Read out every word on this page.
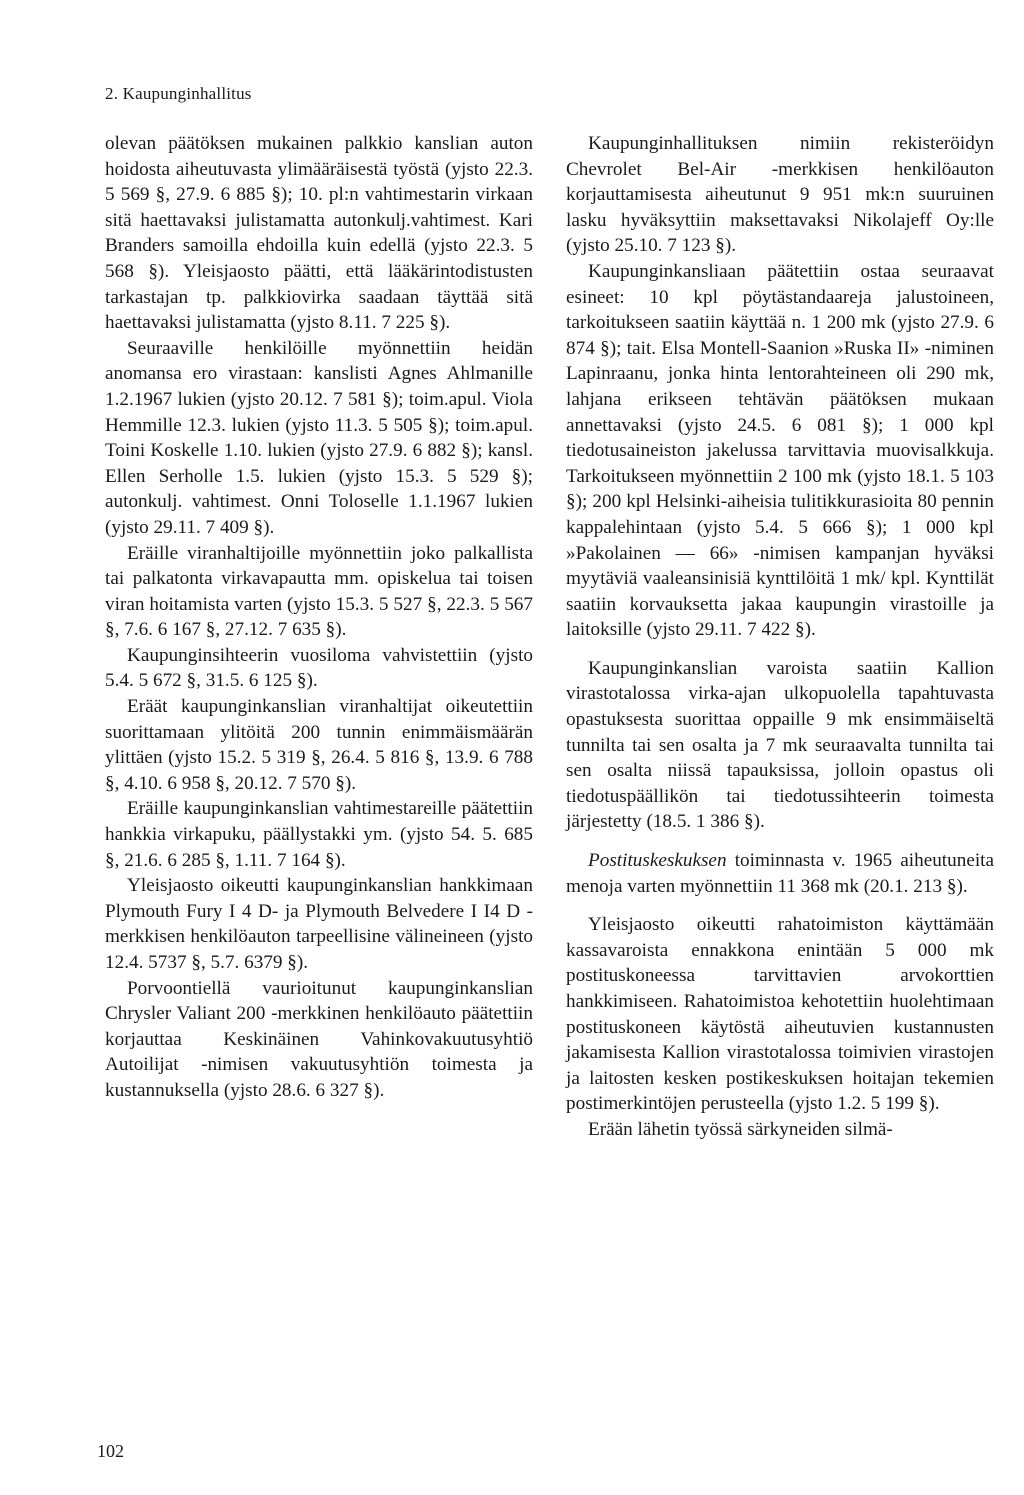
2. Kaupunginhallitus

olevan päätöksen mukainen palkkio kanslian auton hoidosta aiheutuvasta ylimääräisestä työstä (yjsto 22.3. 5 569 §, 27.9. 6 885 §); 10. pl:n vahtimestarin virkaan sitä haettavaksi julistamatta autonkulj.vahtimest. Kari Branders samoilla ehdoilla kuin edellä (yjsto 22.3. 5 568 §). Yleisjaosto päätti, että lääkärintodistusten tarkastajan tp. palkkiovirka saadaan täyttää sitä haettavaksi julistamatta (yjsto 8.11. 7 225 §).

Seuraaville henkilöille myönnettiin heidän anomansa ero virastaan: kanslisti Agnes Ahlmanille 1.2.1967 lukien (yjsto 20.12. 7 581 §); toim.apul. Viola Hemmille 12.3. lukien (yjsto 11.3. 5 505 §); toim.apul. Toini Koskelle 1.10. lukien (yjsto 27.9. 6 882 §); kansl. Ellen Serholle 1.5. lukien (yjsto 15.3. 5 529 §); autonkulj. vahtimest. Onni Toloselle 1.1.1967 lukien (yjsto 29.11. 7 409 §).

Eräille viranhaltijoille myönnettiin joko palkallista tai palkatonta virkavapautta mm. opiskelua tai toisen viran hoitamista varten (yjsto 15.3. 5 527 §, 22.3. 5 567 §, 7.6. 6 167 §, 27.12. 7 635 §).

Kaupunginsihteerin vuosiloma vahvistettiin (yjsto 5.4. 5 672 §, 31.5. 6 125 §).

Eräät kaupunginkanslian viranhaltijat oikeutettiin suorittamaan ylitöitä 200 tunnin enimmäismäärän ylittäen (yjsto 15.2. 5 319 §, 26.4. 5 816 §, 13.9. 6 788 §, 4.10. 6 958 §, 20.12. 7 570 §).

Eräille kaupunginkanslian vahtimestareille päätettiin hankkia virkapuku, päällystakki ym. (yjsto 54. 5. 685 §, 21.6. 6 285 §, 1.11. 7 164 §).

Yleisjaosto oikeutti kaupunginkanslian hankkimaan Plymouth Fury I 4 D- ja Plymouth Belvedere I I4 D -merkkisen henkilöauton tarpeellisine välineineen (yjsto 12.4. 5737 §, 5.7. 6379 §).

Porvoontiellä vaurioitunut kaupunginkanslian Chrysler Valiant 200 -merkkinen henkilöauto päätettiin korjauttaa Keskinäinen Vahinkovakuutusyhtiö Autoilijat -nimisen vakuutusyhtiön toimesta ja kustannuksella (yjsto 28.6. 6 327 §).

Kaupunginhallituksen nimiin rekisteröidyn Chevrolet Bel-Air -merkkisen henkilöauton korjauttamisesta aiheutunut 9 951 mk:n suuruinen lasku hyväksyttiin maksettavaksi Nikolajeff Oy:lle (yjsto 25.10. 7 123 §).

Kaupunginkansliaan päätettiin ostaa seuraavat esineet: 10 kpl pöytästandaareja jalustoineen, tarkoitukseen saatiin käyttää n. 1 200 mk (yjsto 27.9. 6 874 §); tait. Elsa Montell-Saanion »Ruska II» -niminen Lapinraanu, jonka hinta lentorahteineen oli 290 mk, lahjana erikseen tehtävän päätöksen mukaan annettavaksi (yjsto 24.5. 6 081 §); 1 000 kpl tiedotusaineiston jakelussa tarvittavia muovisalkkuja. Tarkoitukseen myönnettiin 2 100 mk (yjsto 18.1. 5 103 §); 200 kpl Helsinki-aiheisia tulitikkurasioita 80 pennin kappalehintaan (yjsto 5.4. 5 666 §); 1 000 kpl »Pakolainen — 66» -nimisen kampanjan hyväksi myytäviä vaaleansinisiä kynttilöitä 1 mk/ kpl. Kynttilät saatiin korvauksetta jakaa kaupungin virastoille ja laitoksille (yjsto 29.11. 7 422 §).

Kaupunginkanslian varoista saatiin Kallion virastotalossa virka-ajan ulkopuolella tapahtuvasta opastuksesta suorittaa oppaille 9 mk ensimmäiseltä tunnilta tai sen osalta ja 7 mk seuraavalta tunnilta tai sen osalta niissä tapauksissa, jolloin opastus oli tiedotuspäällikön tai tiedotussihteerin toimesta järjestetty (18.5. 1 386 §).

Postituskeskuksen toiminnasta v. 1965 aiheutuneita menoja varten myönnettiin 11 368 mk (20.1. 213 §).

Yleisjaosto oikeutti rahatoimiston käyttämään kassavaroista ennakkona enintään 5 000 mk postituskoneessa tarvittavien arvokorttien hankkimiseen. Rahatoimistoa kehotettiin huolehtimaan postituskoneen käytöstä aiheutuvien kustannusten jakamisesta Kallion virastotalossa toimivien virastojen ja laitosten kesken postikeskuksen hoitajan tekemien postimerkintöjen perusteella (yjsto 1.2. 5 199 §).

Erään lähetin työssä särkyneiden silmä-

102
